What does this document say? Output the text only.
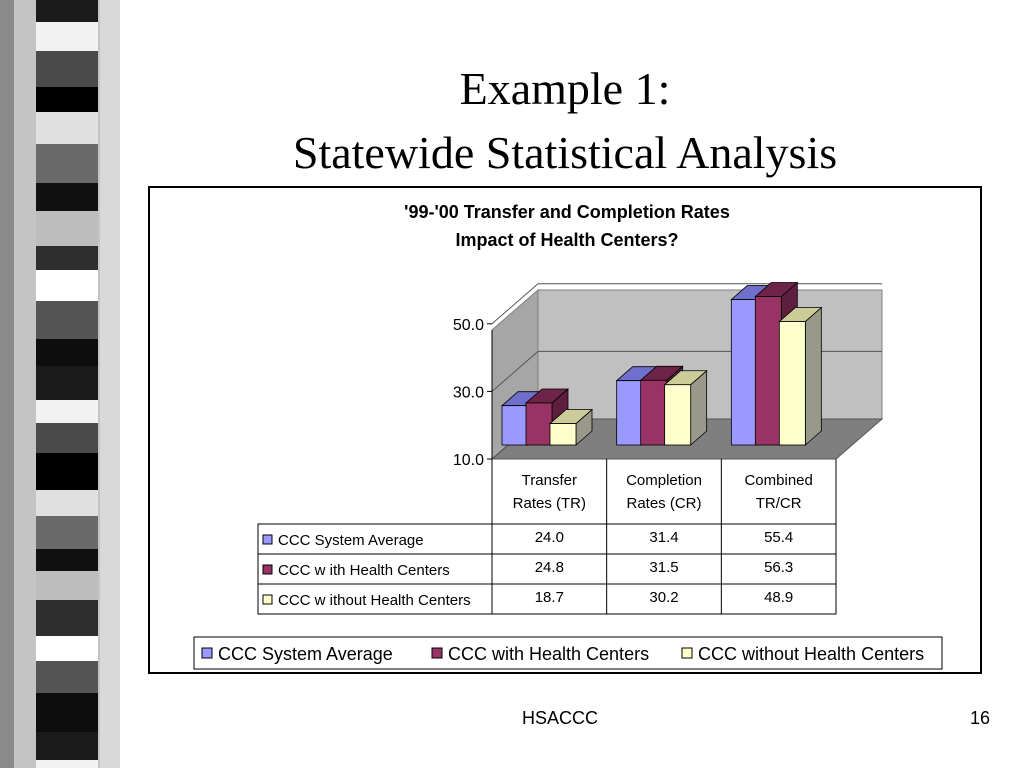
Example 1:
Statewide Statistical Analysis
'99-'00 Transfer and Completion Rates
Impact of Health Centers?
10.0
30.0
50.0
Transfer
Rates (TR)
Completion
Rates (CR)
Combined
TR/CR
CCC System Average	24.0	31.4	55.4
CCC w ith Health Centers	24.8	31.5	56.3
CCC w ithout Health Centers	18.7	30.2	48.9
CCC System Average	CCC with Health Centers	CCC without Health Centers
HSACCC	16
